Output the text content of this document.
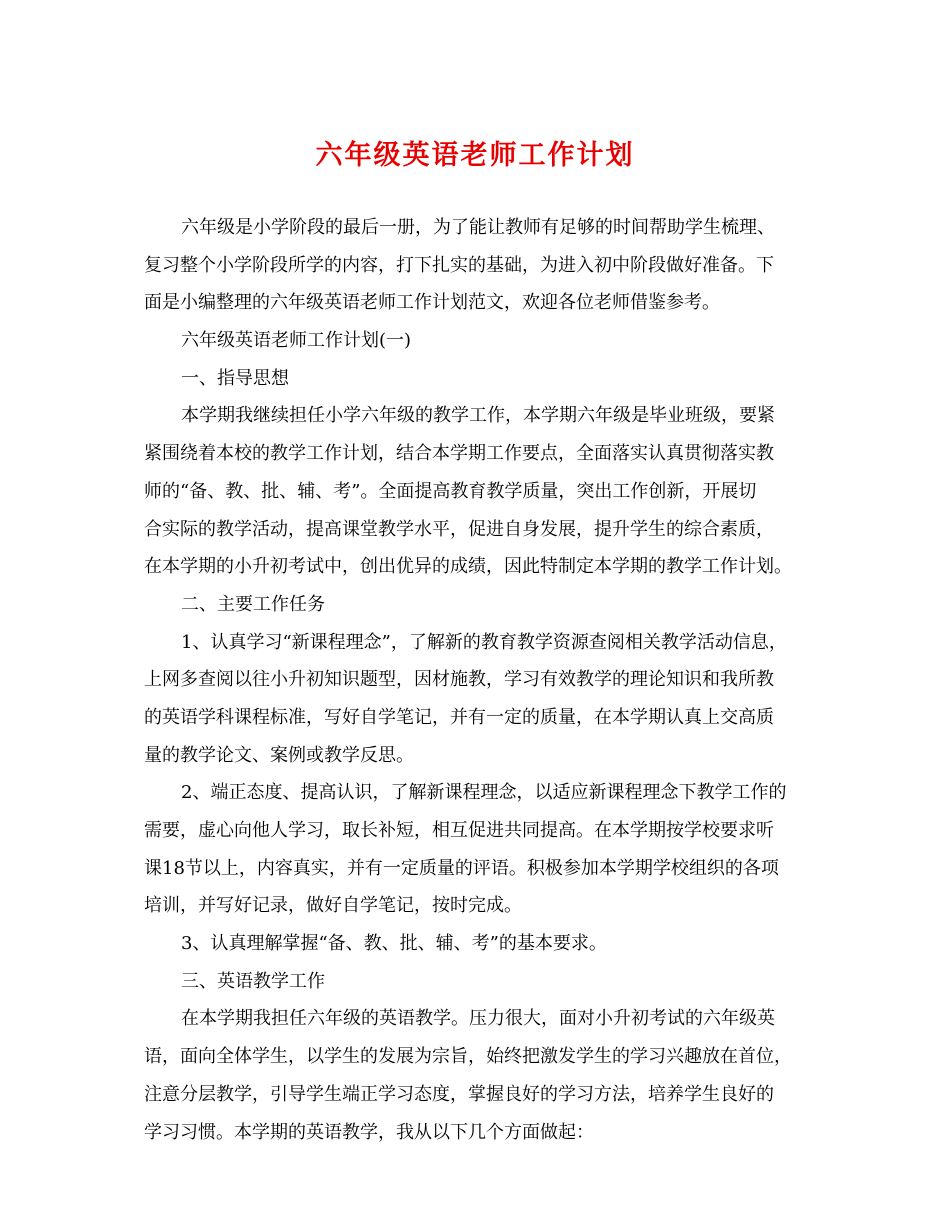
六年级英语老师工作计划
六年级是小学阶段的最后一册，为了能让教师有足够的时间帮助学生梳理、
复习整个小学阶段所学的内容，打下扎实的基础，为进入初中阶段做好准备。下
面是小编整理的六年级英语老师工作计划范文，欢迎各位老师借鉴参考。
六年级英语老师工作计划(一)
一、指导思想
本学期我继续担任小学六年级的教学工作，本学期六年级是毕业班级，要紧
紧围绕着本校的教学工作计划，结合本学期工作要点，全面落实认真贯彻落实教
师的“备、教、批、辅、考”。全面提高教育教学质量，突出工作创新，开展切
合实际的教学活动，提高课堂教学水平，促进自身发展，提升学生的综合素质，
在本学期的小升初考试中，创出优异的成绩，因此特制定本学期的教学工作计划。
二、主要工作任务
1、认真学习“新课程理念”，了解新的教育教学资源查阅相关教学活动信息，
上网多查阅以往小升初知识题型，因材施教，学习有效教学的理论知识和我所教
的英语学科课程标准，写好自学笔记，并有一定的质量，在本学期认真上交高质
量的教学论文、案例或教学反思。
2、端正态度、提高认识，了解新课程理念，以适应新课程理念下教学工作的
需要，虚心向他人学习，取长补短，相互促进共同提高。在本学期按学校要求听
课18节以上，内容真实，并有一定质量的评语。积极参加本学期学校组织的各项
培训，并写好记录，做好自学笔记，按时完成。
3、认真理解掌握“备、教、批、辅、考”的基本要求。
三、英语教学工作
在本学期我担任六年级的英语教学。压力很大，面对小升初考试的六年级英
语，面向全体学生，以学生的发展为宗旨，始终把激发学生的学习兴趣放在首位，
注意分层教学，引导学生端正学习态度，掌握良好的学习方法，培养学生良好的
学习习惯。本学期的英语教学，我从以下几个方面做起：
